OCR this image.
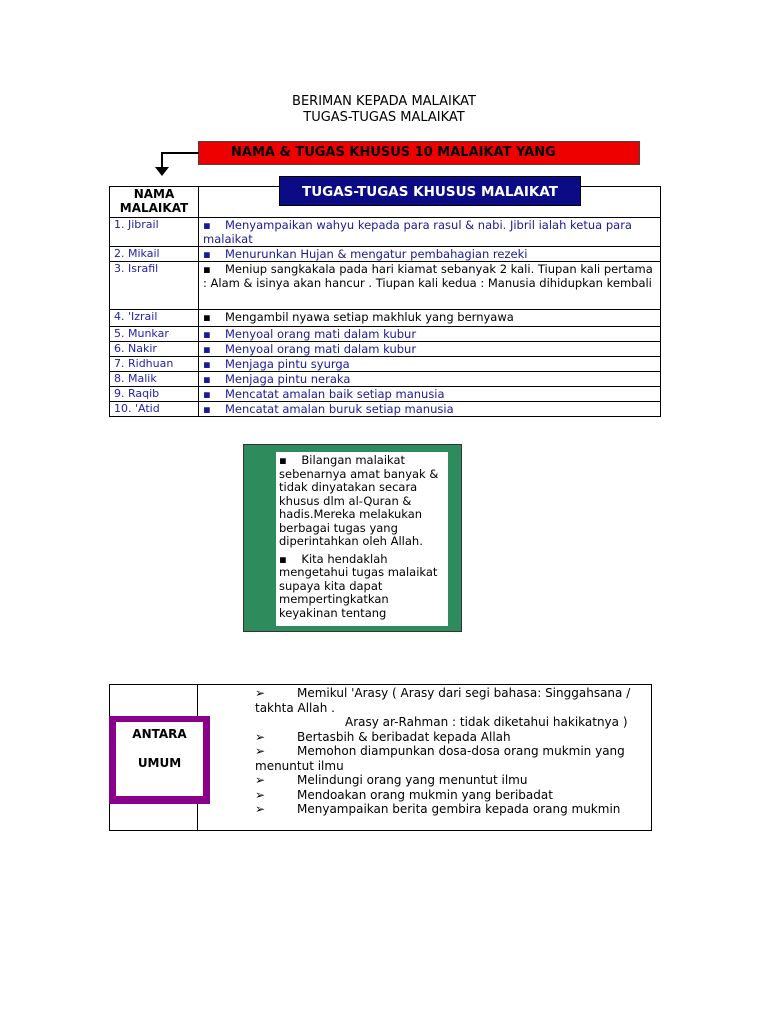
BERIMAN KEPADA MALAIKAT
TUGAS-TUGAS MALAIKAT
NAMA & TUGAS KHUSUS 10 MALAIKAT YANG
NAMA MALAIKAT	
1. Jibrail	▪ Menyampaikan wahyu kepada para rasul & nabi. Jibril ialah ketua para malaikat
2. Mikail	▪ Menurunkan Hujan & mengatur pembahagian rezeki
3. Israfil	▪ Meniup sangkakala pada hari kiamat sebanyak 2 kali. Tiupan kali pertama : Alam & isinya akan hancur . Tiupan kali kedua : Manusia dihidupkan kembali
4. 'Izrail	▪ Mengambil nyawa setiap makhluk yang bernyawa
5. Munkar	▪ Menyoal orang mati dalam kubur
6. Nakir	▪ Menyoal orang mati dalam kubur
7. Ridhuan	▪ Menjaga pintu syurga
8. Malik	▪ Menjaga pintu neraka
9. Raqib	▪ Mencatat amalan baik setiap manusia
10. 'Atid	▪ Mencatat amalan buruk setiap manusia
TUGAS-TUGAS KHUSUS MALAIKAT

▪    Bilangan malaikat sebenarnya amat banyak & tidak dinyatakan secara khusus dlm al-Quran & hadis.Mereka melakukan berbagai tugas yang diperintahkan oleh Allah.

▪    Kita hendaklah mengetahui tugas malaikat supaya kita dapat mempertingkatkan keyakinan tentang

ANTARA
UMUM
➢	Memikul 'Arasy ( Arasy dari segi bahasa: Singgahsana /
takhta Allah .
Arasy ar-Rahman : tidak diketahui hakikatnya )
➢	Bertasbih & beribadat kepada Allah
➢	Memohon diampunkan dosa-dosa orang mukmin yang
menuntut ilmu
➢	Melindungi orang yang menuntut ilmu
➢	Mendoakan orang mukmin yang beribadat
➢	Menyampaikan berita gembira kepada orang mukmin
